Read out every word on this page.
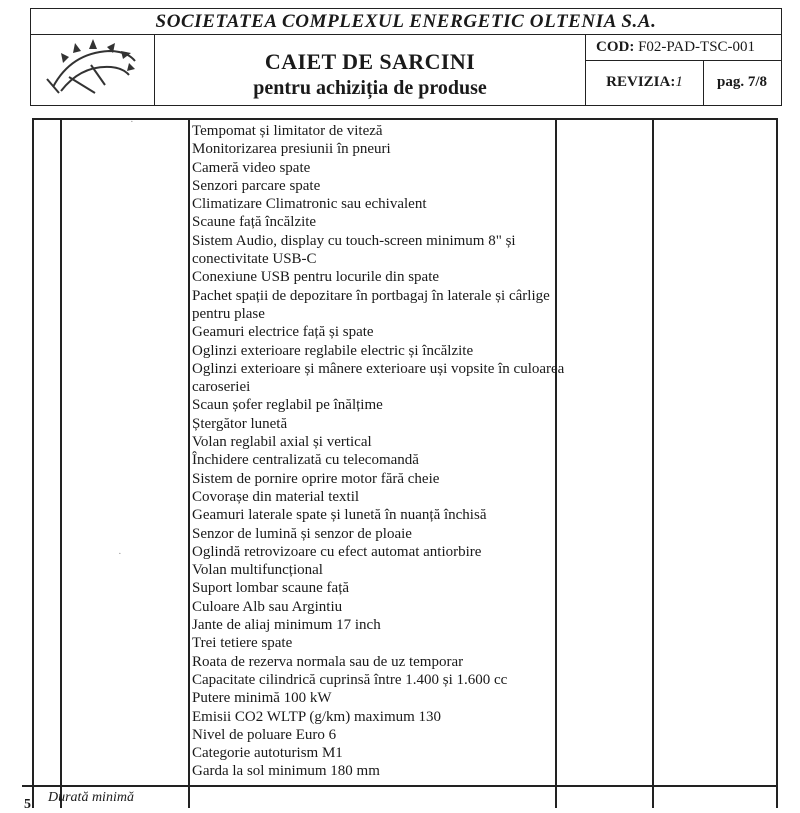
SOCIETATEA COMPLEXUL ENERGETIC OLTENIA S.A.
CAIET DE SARCINI
pentru achiziția de produse
COD: F02-PAD-TSC-001
REVIZIA:1	pag. 7/8
Tempomat și limitator de viteză
Monitorizarea presiunii în pneuri
Cameră video spate
Senzori parcare spate
Climatizare Climatronic sau echivalent
Scaune față încălzite
Sistem Audio, display cu touch-screen minimum 8" și conectivitate USB-C
Conexiune USB pentru locurile din spate
Pachet spații de depozitare în portbagaj în laterale și cârlige pentru plase
Geamuri electrice față și spate
Oglinzi exterioare reglabile electric și încălzite
Oglinzi exterioare și mânere exterioare uși vopsite în culoarea caroseriei
Scaun șofer reglabil pe înălțime
Ștergător lunetă
Volan reglabil axial și vertical
Închidere centralizată cu telecomandă
Sistem de pornire oprire motor fără cheie
Covorașe din material textil
Geamuri laterale spate și lunetă în nuanță închisă
Senzor de lumină și senzor de ploaie
Oglindă retrovizoare cu efect automat antiorbire
Volan multifuncțional
Suport lombar scaune față
Culoare Alb sau Argintiu
Jante de aliaj minimum 17 inch
Trei tetiere spate
Roata de rezerva normala sau de uz temporar
Capacitate cilindrică cuprinsă între 1.400 și 1.600 cc
Putere minimă 100 kW
Emisii CO2 WLTP (g/km) maximum 130
Nivel de poluare Euro 6
Categorie autoturism M1
Garda la sol minimum 180 mm
5 Durată minimă
·
·
